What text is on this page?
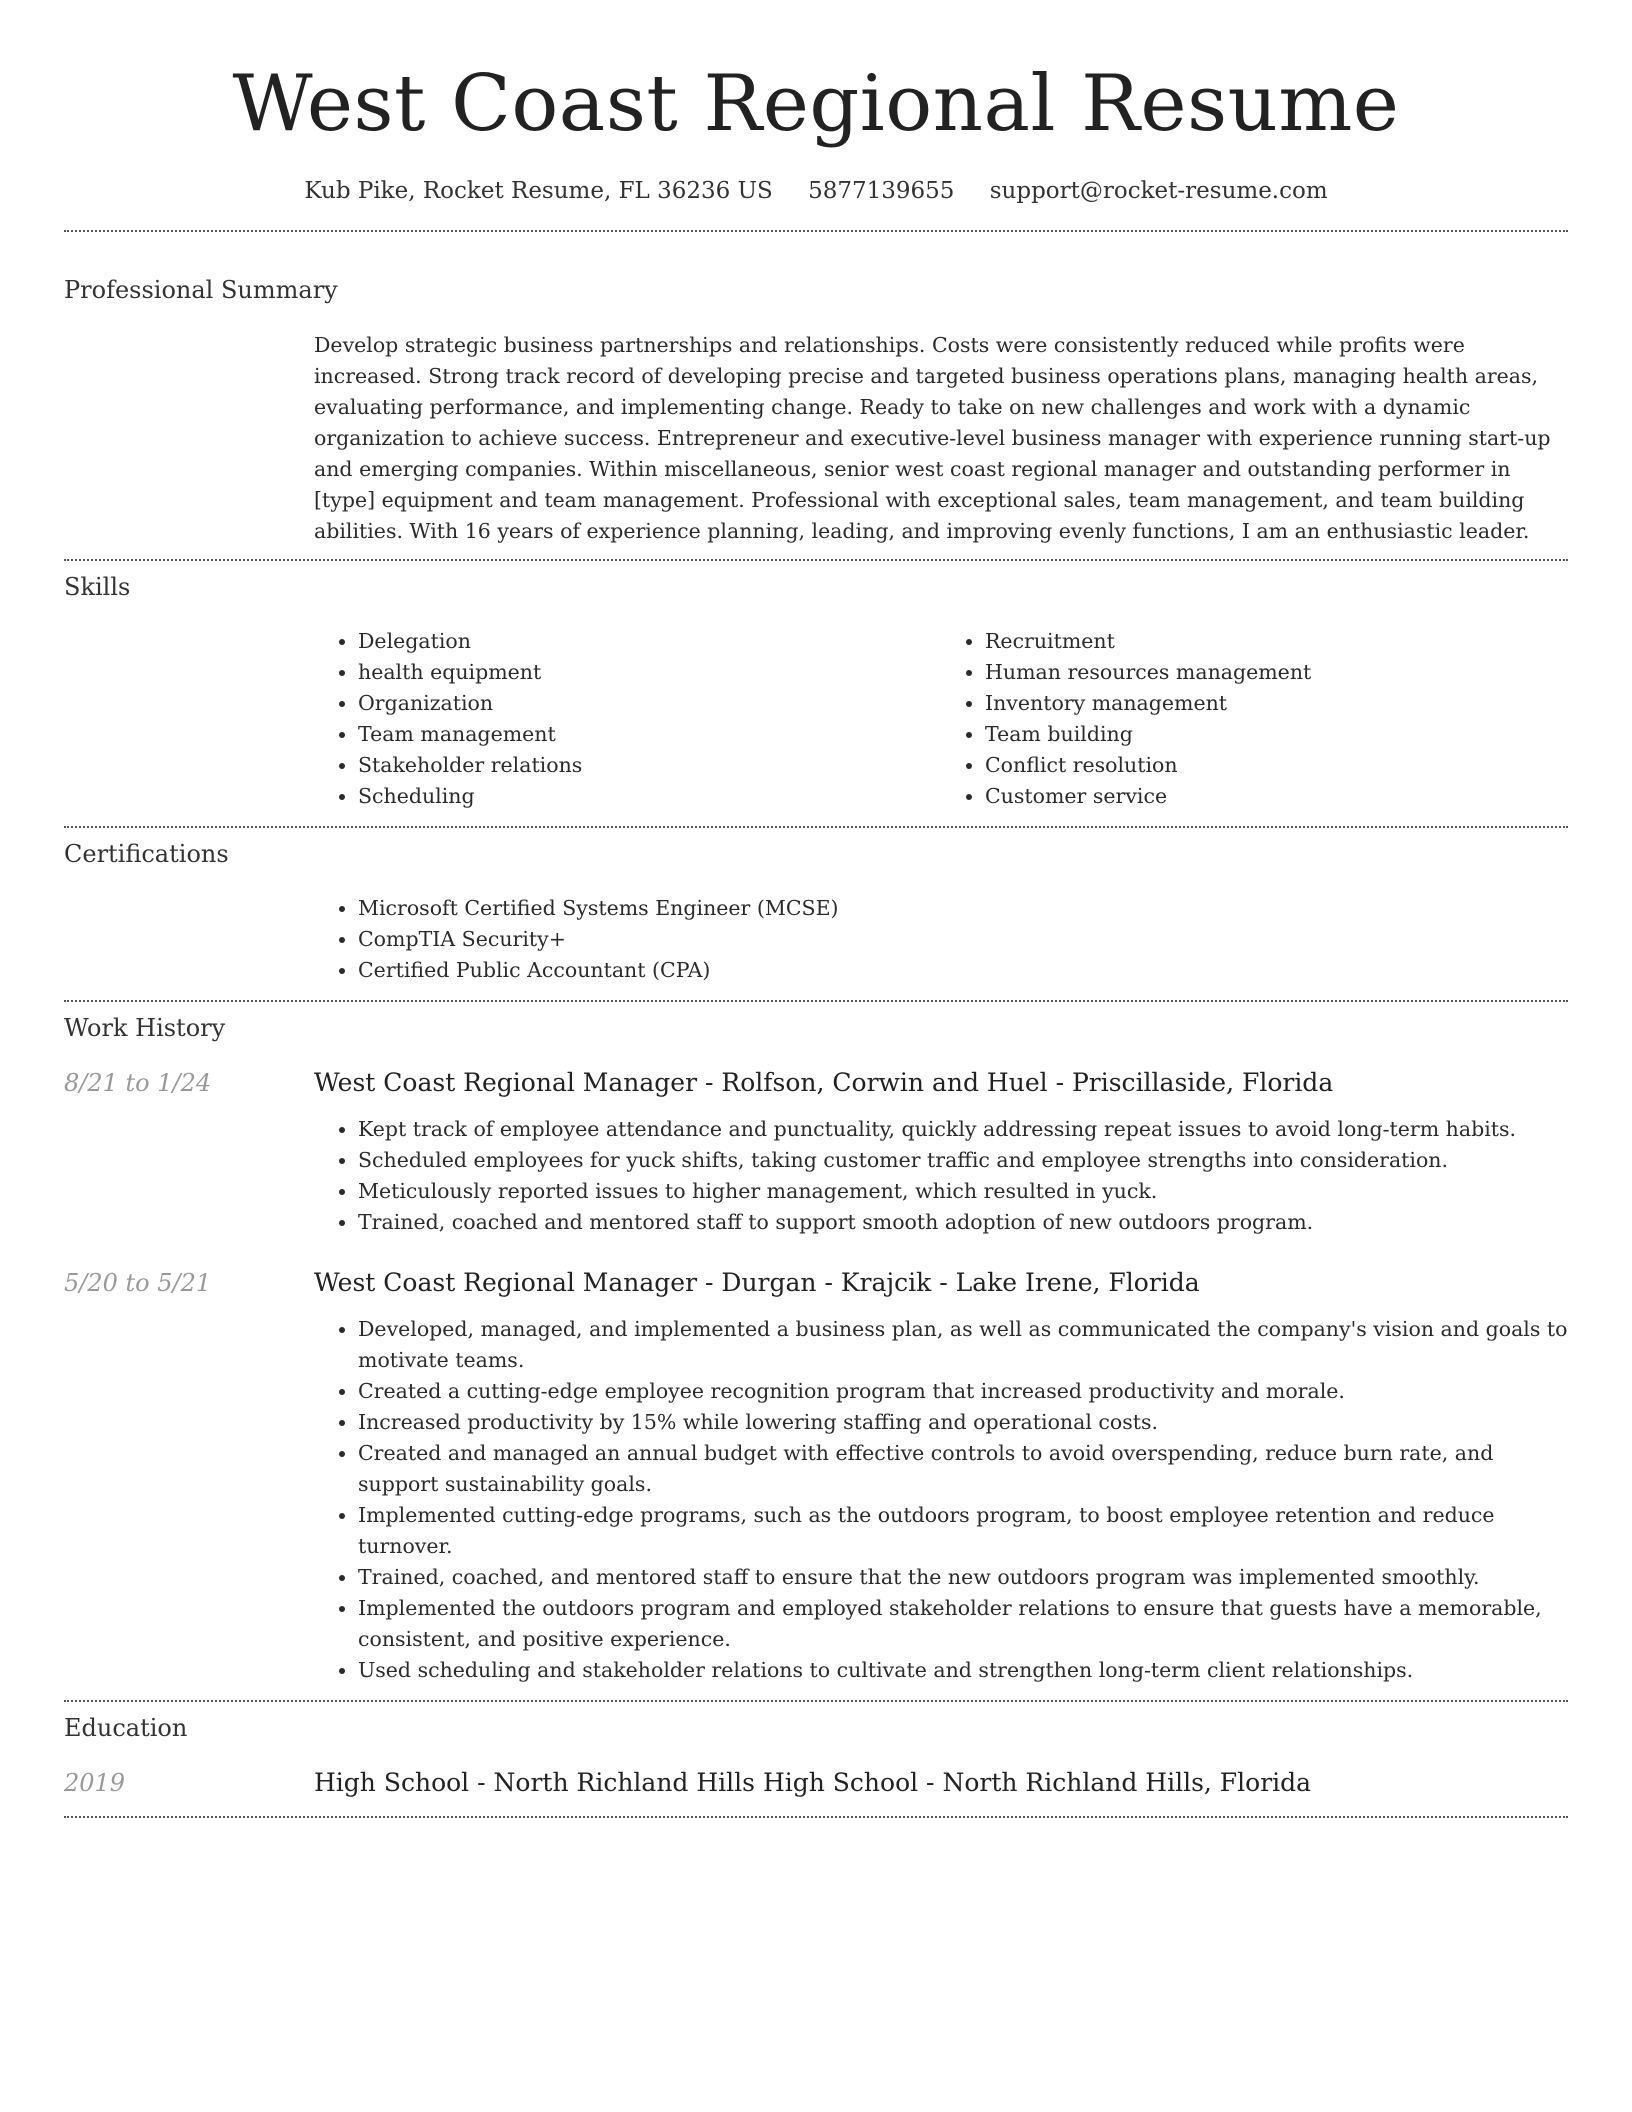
West Coast Regional Resume
Kub Pike, Rocket Resume, FL 36236 US 5877139655 support@rocket-resume.com
Professional Summary
Develop strategic business partnerships and relationships. Costs were consistently reduced while profits were increased. Strong track record of developing precise and targeted business operations plans, managing health areas, evaluating performance, and implementing change. Ready to take on new challenges and work with a dynamic organization to achieve success. Entrepreneur and executive-level business manager with experience running start-up and emerging companies. Within miscellaneous, senior west coast regional manager and outstanding performer in [type] equipment and team management. Professional with exceptional sales, team management, and team building abilities. With 16 years of experience planning, leading, and improving evenly functions, I am an enthusiastic leader.
Skills
• Delegation
• health equipment
• Organization
• Team management
• Stakeholder relations
• Scheduling
• Recruitment
• Human resources management
• Inventory management
• Team building
• Conflict resolution
• Customer service
Certifications
• Microsoft Certified Systems Engineer (MCSE)
• CompTIA Security+
• Certified Public Accountant (CPA)
Work History
8/21 to 1/24	West Coast Regional Manager - Rolfson, Corwin and Huel - Priscillaside, Florida
• Kept track of employee attendance and punctuality, quickly addressing repeat issues to avoid long-term habits.
• Scheduled employees for yuck shifts, taking customer traffic and employee strengths into consideration.
• Meticulously reported issues to higher management, which resulted in yuck.
• Trained, coached and mentored staff to support smooth adoption of new outdoors program.
5/20 to 5/21	West Coast Regional Manager - Durgan - Krajcik - Lake Irene, Florida
• Developed, managed, and implemented a business plan, as well as communicated the company's vision and goals to motivate teams.
• Created a cutting-edge employee recognition program that increased productivity and morale.
• Increased productivity by 15% while lowering staffing and operational costs.
• Created and managed an annual budget with effective controls to avoid overspending, reduce burn rate, and support sustainability goals.
• Implemented cutting-edge programs, such as the outdoors program, to boost employee retention and reduce turnover.
• Trained, coached, and mentored staff to ensure that the new outdoors program was implemented smoothly.
• Implemented the outdoors program and employed stakeholder relations to ensure that guests have a memorable, consistent, and positive experience.
• Used scheduling and stakeholder relations to cultivate and strengthen long-term client relationships.
Education
2019	High School - North Richland Hills High School - North Richland Hills, Florida
